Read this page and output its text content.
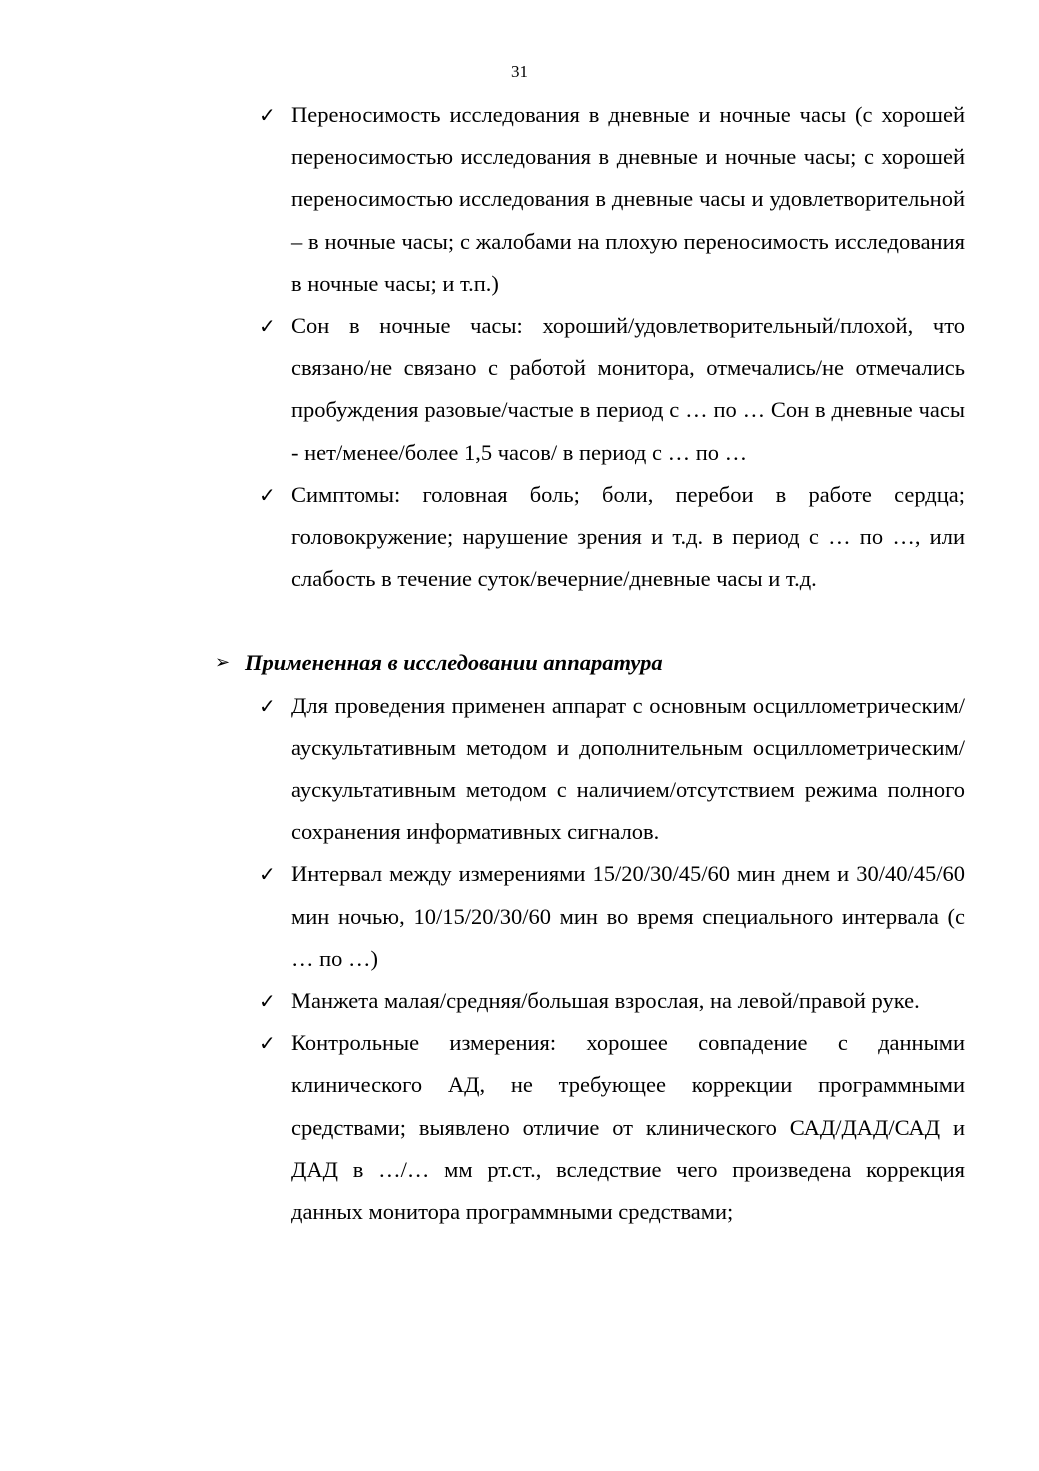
31
✓ Переносимость исследования в дневные и ночные часы (с хорошей переносимостью исследования в дневные и ночные часы; с хорошей переносимостью исследования в дневные часы и удовлетворительной – в ночные часы; с жалобами на плохую переносимость исследования в ночные часы; и т.п.)
✓ Сон в ночные часы: хороший/удовлетворительный/плохой, что связано/не связано с работой монитора, отмечались/не отмечались пробуждения разовые/частые в период с … по … Сон в дневные часы - нет/менее/более 1,5 часов/ в период с … по …
✓ Симптомы: головная боль; боли, перебои в работе сердца; головокружение; нарушение зрения и т.д. в период с … по …, или слабость в течение суток/вечерние/дневные часы и т.д.
➢ Примененная в исследовании аппаратура
✓ Для проведения применен аппарат с основным осциллометрическим/аускультативным методом и дополнительным осциллометрическим/аускультативным методом с наличием/отсутствием режима полного сохранения информативных сигналов.
✓ Интервал между измерениями 15/20/30/45/60 мин днем и 30/40/45/60 мин ночью, 10/15/20/30/60 мин во время специального интервала (с … по …)
✓ Манжета малая/средняя/большая взрослая, на левой/правой руке.
✓ Контрольные измерения: хорошее совпадение с данными клинического АД, не требующее коррекции программными средствами; выявлено отличие от клинического САД/ДАД/САД и ДАД в …/… мм рт.ст., вследствие чего произведена коррекция данных монитора программными средствами;
